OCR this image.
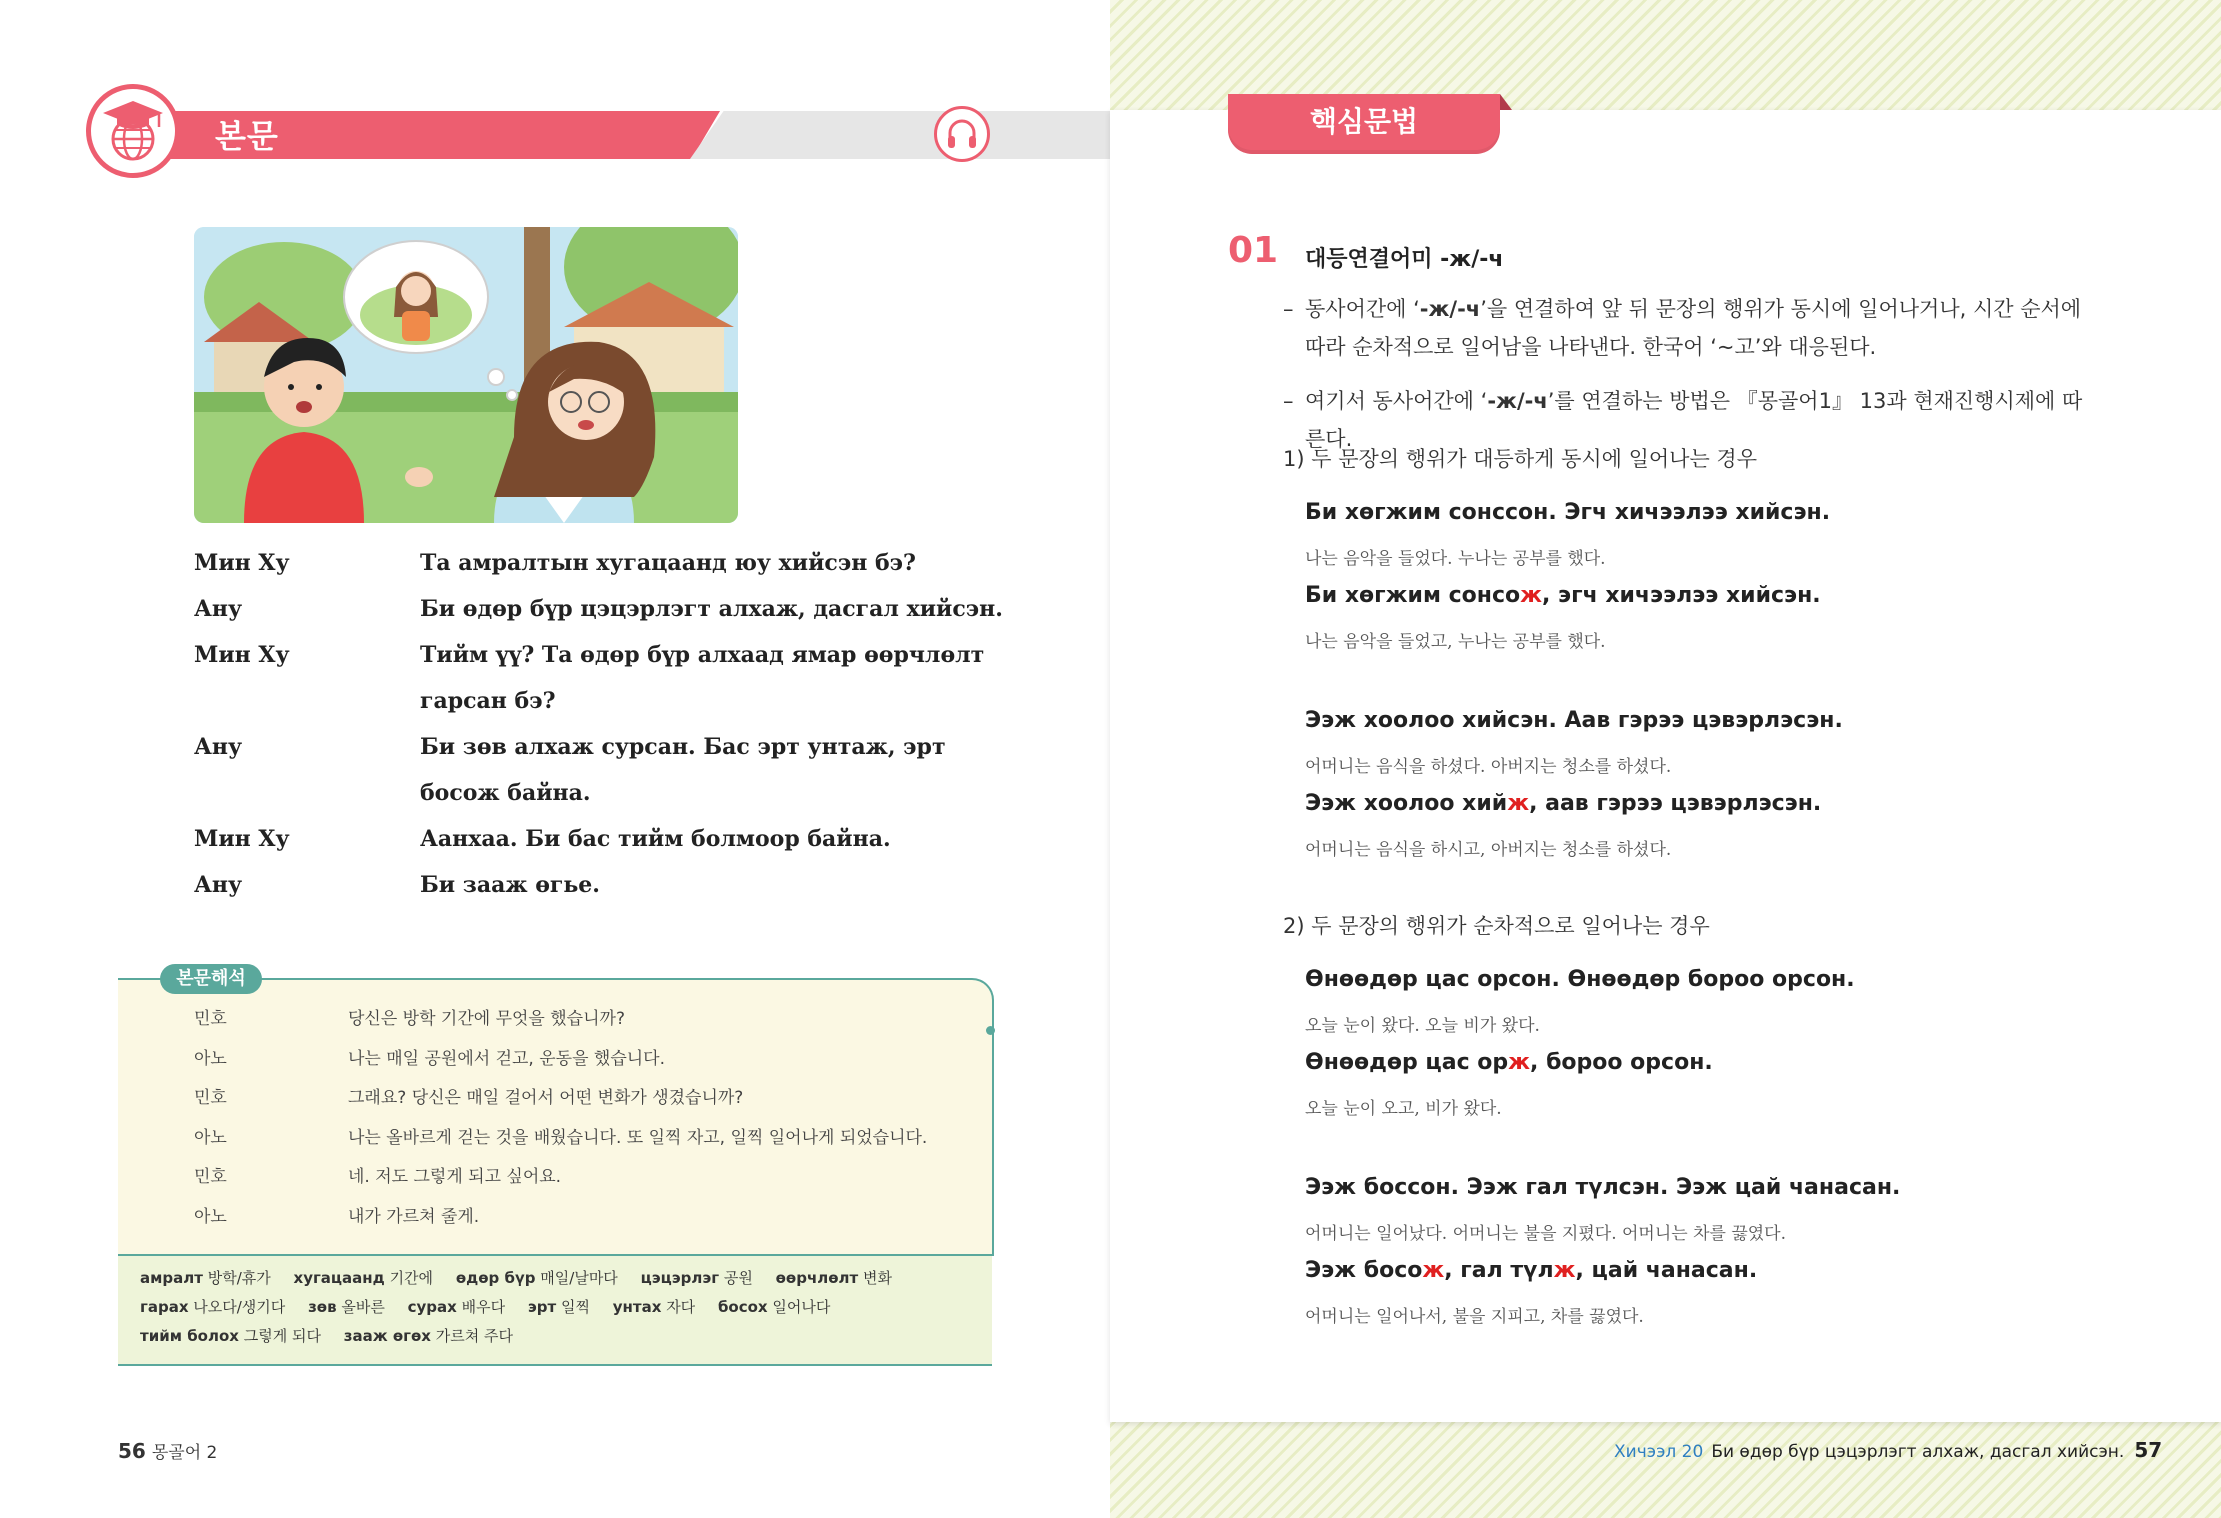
본문
Мин Ху	Та амралтын хугацаанд юу хийсэн бэ?
Ану	Би өдөр бүр цэцэрлэгт алхаж, дасгал хийсэн.
Мин Ху	Тийм үү? Та өдөр бүр алхаад ямар өөрчлөлт гарсан бэ?
Ану	Би зөв алхаж сурсан. Бас эрт унтаж, эрт босож байна.
Мин Ху	Аанхаа. Би бас тийм болмоор байна.
Ану	Би зааж өгье.
본문해석
민호	당신은 방학 기간에 무엇을 했습니까?
아노	나는 매일 공원에서 걷고, 운동을 했습니다.
민호	그래요? 당신은 매일 걸어서 어떤 변화가 생겼습니까?
아노	나는 올바르게 걷는 것을 배웠습니다. 또 일찍 자고, 일찍 일어나게 되었습니다.
민호	네. 저도 그렇게 되고 싶어요.
아노	내가 가르쳐 줄게.
амралт 방학/휴가 хугацаанд 기간에 өдөр бүр 매일/날마다 цэцэрлэг 공원 өөрчлөлт 변화
гарах 나오다/생기다 зөв 올바른 сурах 배우다 эрт 일찍 унтах 자다 босох 일어나다
тийм болох 그렇게 되다 зааж өгөх 가르쳐 주다
56 몽골어 2
핵심문법
01 대등연결어미 -ж/-ч
– 동사어간에 ‘-ж/-ч’을 연결하여 앞 뒤 문장의 행위가 동시에 일어나거나, 시간 순서에 따라 순차적으로 일어남을 나타낸다. 한국어 ‘∼고’와 대응된다.
– 여기서 동사어간에 ‘-ж/-ч’를 연결하는 방법은 『몽골어1』 13과 현재진행시제에 따른다.
1) 두 문장의 행위가 대등하게 동시에 일어나는 경우
Би хөгжим сонссон. Эгч хичээлээ хийсэн.
나는 음악을 들었다. 누나는 공부를 했다.
Би хөгжим сонсож, эгч хичээлээ хийсэн.
나는 음악을 들었고, 누나는 공부를 했다.
Ээж хоолоо хийсэн. Аав гэрээ цэвэрлэсэн.
어머니는 음식을 하셨다. 아버지는 청소를 하셨다.
Ээж хоолоо хийж, аав гэрээ цэвэрлэсэн.
어머니는 음식을 하시고, 아버지는 청소를 하셨다.
2) 두 문장의 행위가 순차적으로 일어나는 경우
Өнөөдөр цас орсон. Өнөөдөр бороо орсон.
오늘 눈이 왔다. 오늘 비가 왔다.
Өнөөдөр цас орж, бороо орсон.
오늘 눈이 오고, 비가 왔다.
Ээж боссон. Ээж гал түлсэн. Ээж цай чанасан.
어머니는 일어났다. 어머니는 불을 지폈다. 어머니는 차를 끓였다.
Ээж босож, гал түлж, цай чанасан.
어머니는 일어나서, 불을 지피고, 차를 끓였다.
Хичээл 20 Би өдөр бүр цэцэрлэгт алхаж, дасгал хийсэн. 57
